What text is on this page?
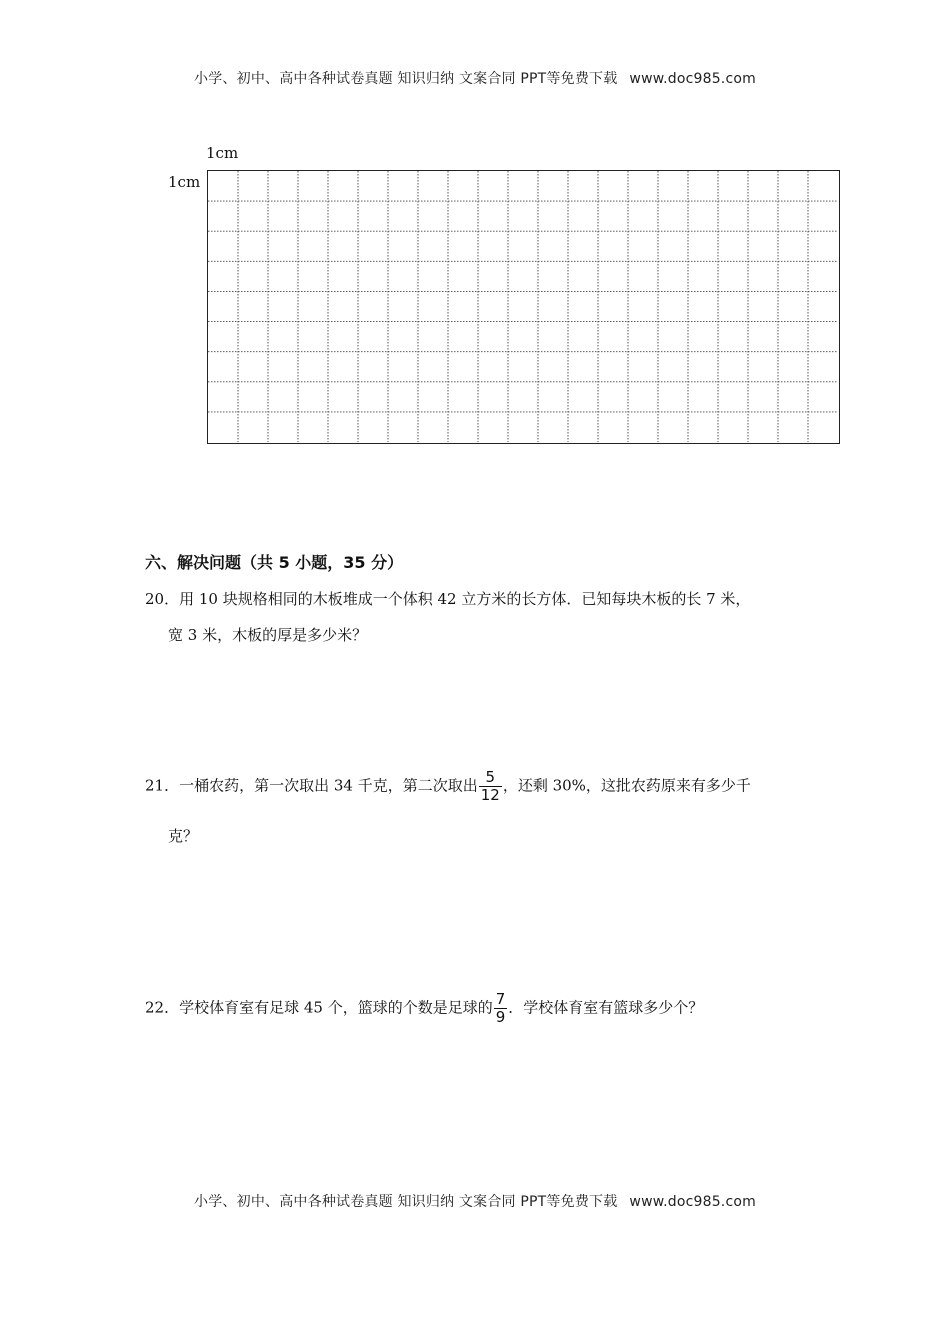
小学、初中、高中各种试卷真题 知识归纳 文案合同 PPT等免费下载 www.doc985.com
1cm
1cm
六、解决问题（共 5 小题，35 分）
20．用 10 块规格相同的木板堆成一个体积 42 立方米的长方体．已知每块木板的长 7 米，
宽 3 米，木板的厚是多少米？
21．一桶农药，第一次取出 34 千克，第二次取出 $\frac{5}{12}$ ，还剩 30%，这批农药原来有多少千
克？
22．学校体育室有足球 45 个，篮球的个数是足球的 $\frac{7}{9}$ ．学校体育室有篮球多少个？
小学、初中、高中各种试卷真题 知识归纳 文案合同 PPT等免费下载 www.doc985.com
